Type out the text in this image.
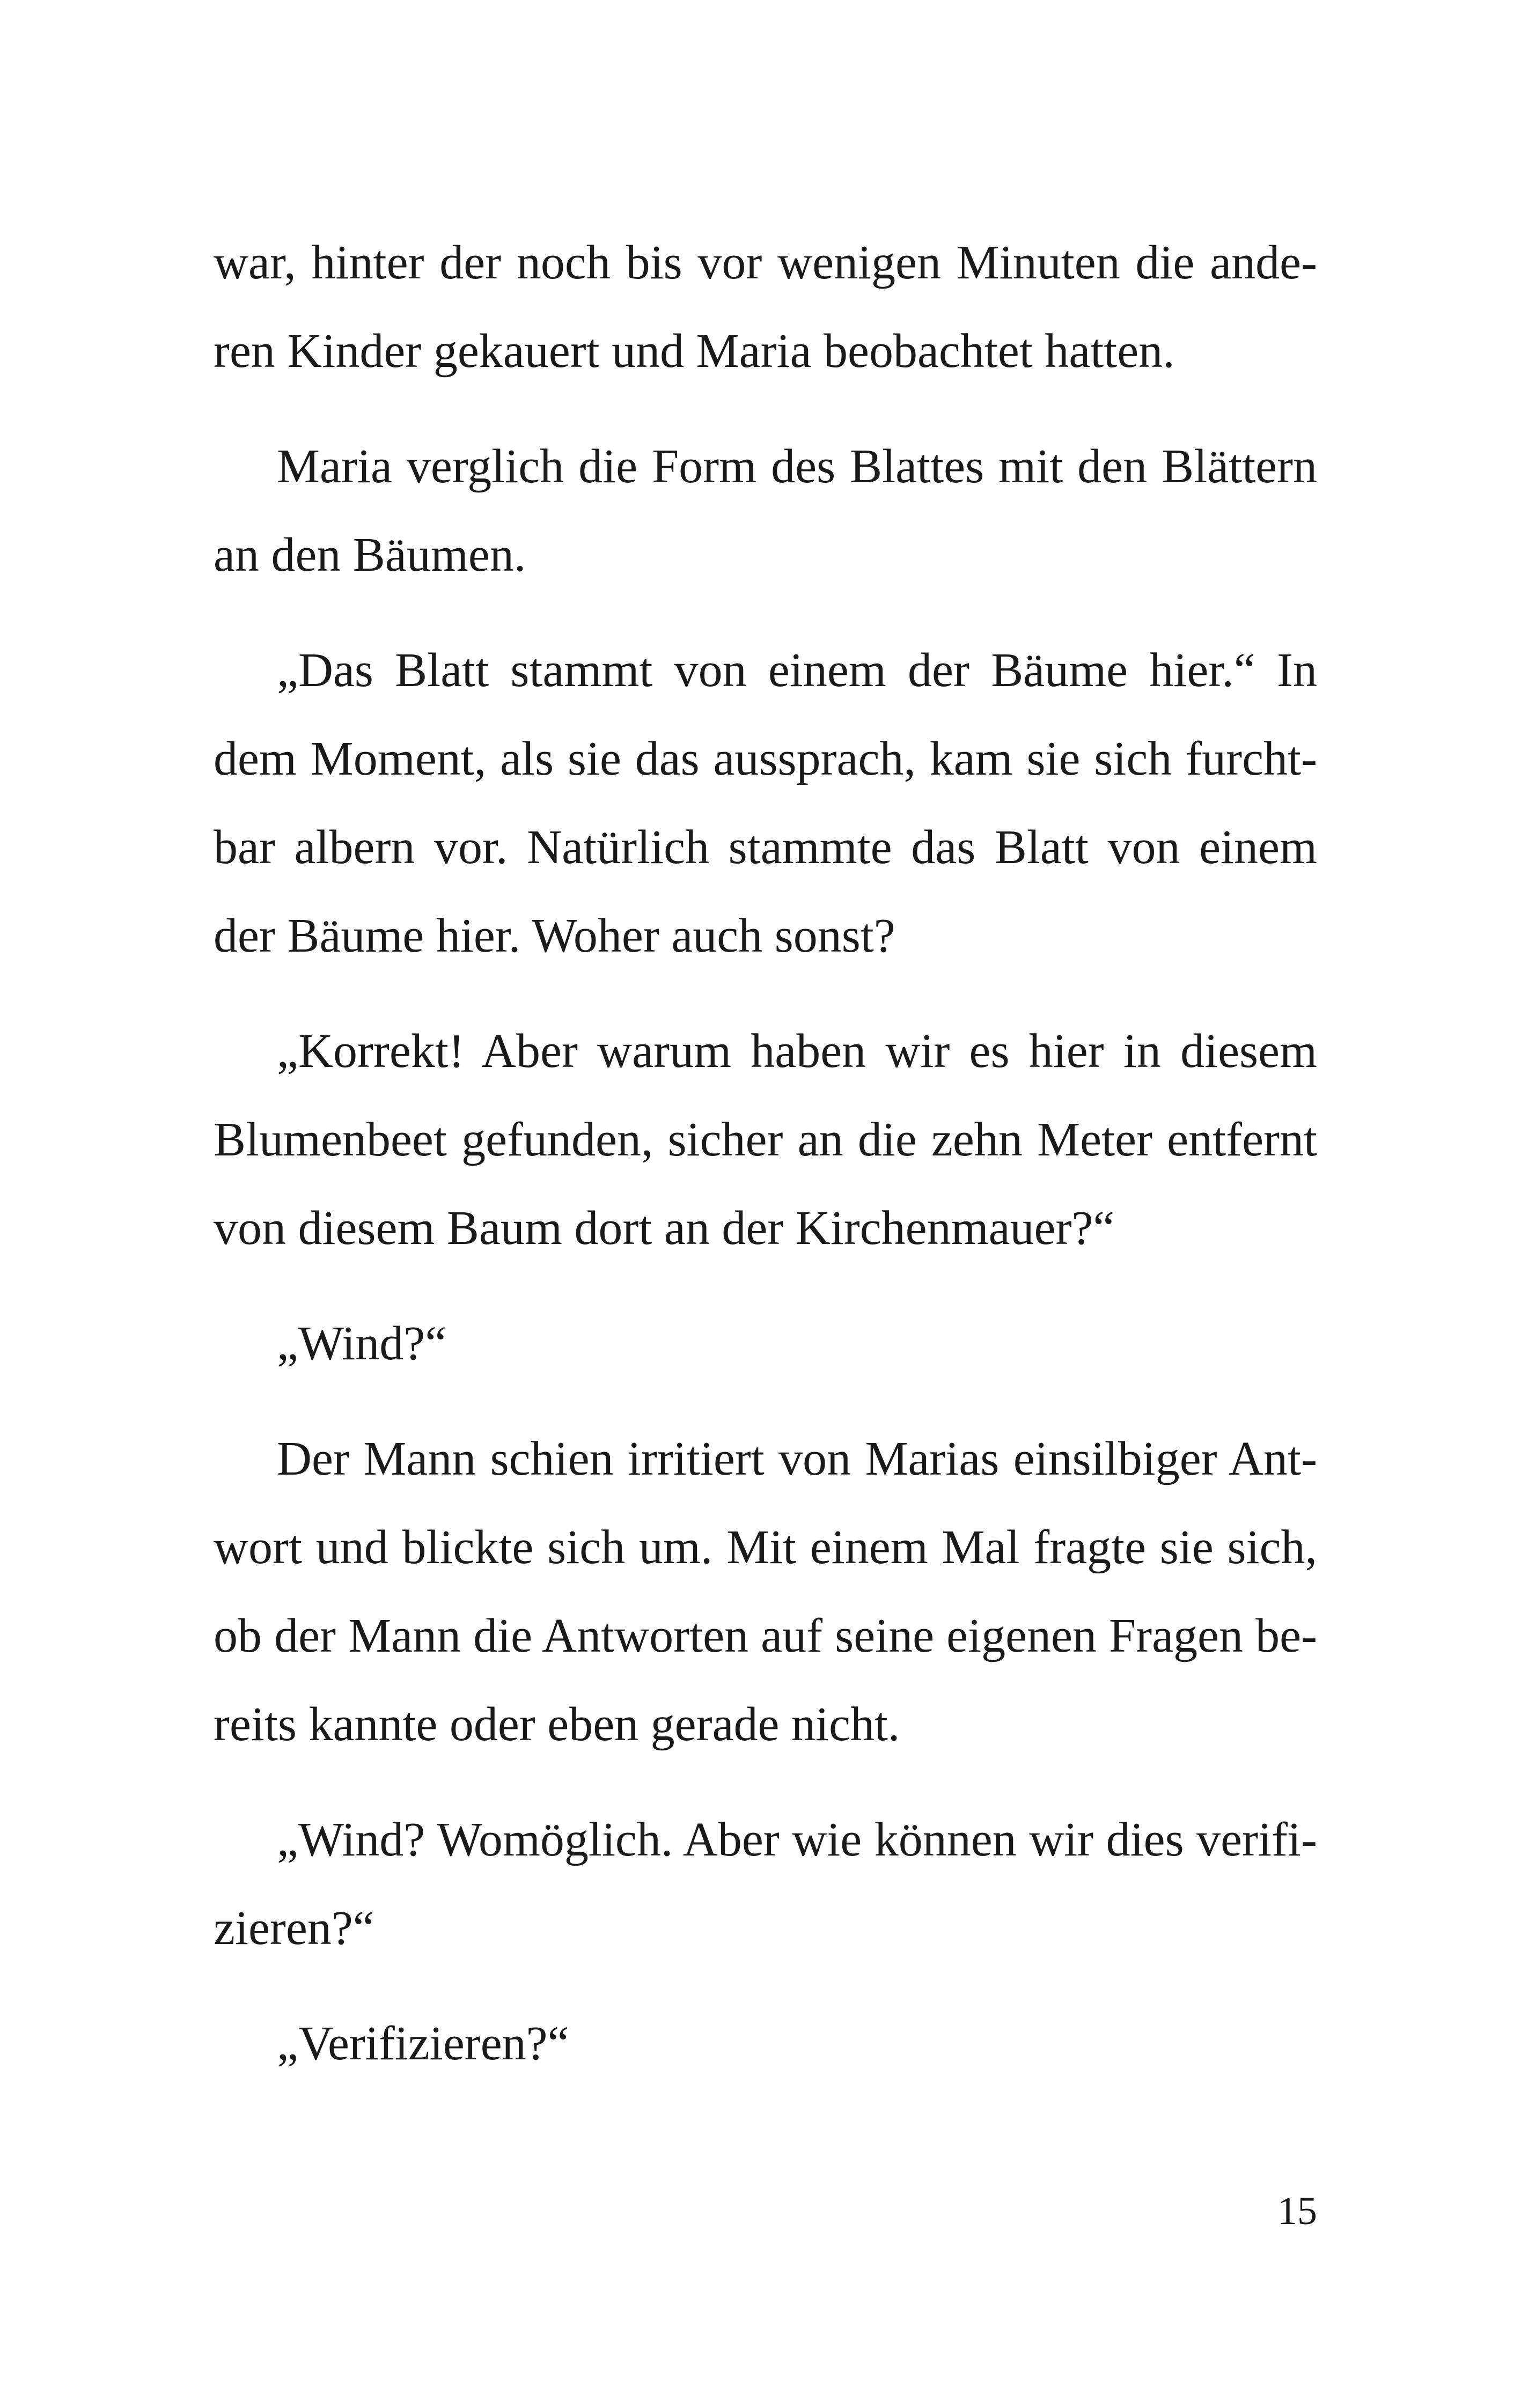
war, hinter der noch bis vor wenigen Minuten die ande-

ren Kinder gekauert und Maria beobachtet hatten.

Maria verglich die Form des Blattes mit den Blättern

an den Bäumen.

„Das Blatt stammt von einem der Bäume hier.“ In

dem Moment, als sie das aussprach, kam sie sich furcht-

bar albern vor. Natürlich stammte das Blatt von einem

der Bäume hier. Woher auch sonst?

„Korrekt! Aber warum haben wir es hier in diesem

Blumenbeet gefunden, sicher an die zehn Meter entfernt

von diesem Baum dort an der Kirchenmauer?“

„Wind?“

Der Mann schien irritiert von Marias einsilbiger Ant-

wort und blickte sich um. Mit einem Mal fragte sie sich,

ob der Mann die Antworten auf seine eigenen Fragen be-

reits kannte oder eben gerade nicht.

„Wind? Womöglich. Aber wie können wir dies verifi-

zieren?“

„Verifizieren?“

15
